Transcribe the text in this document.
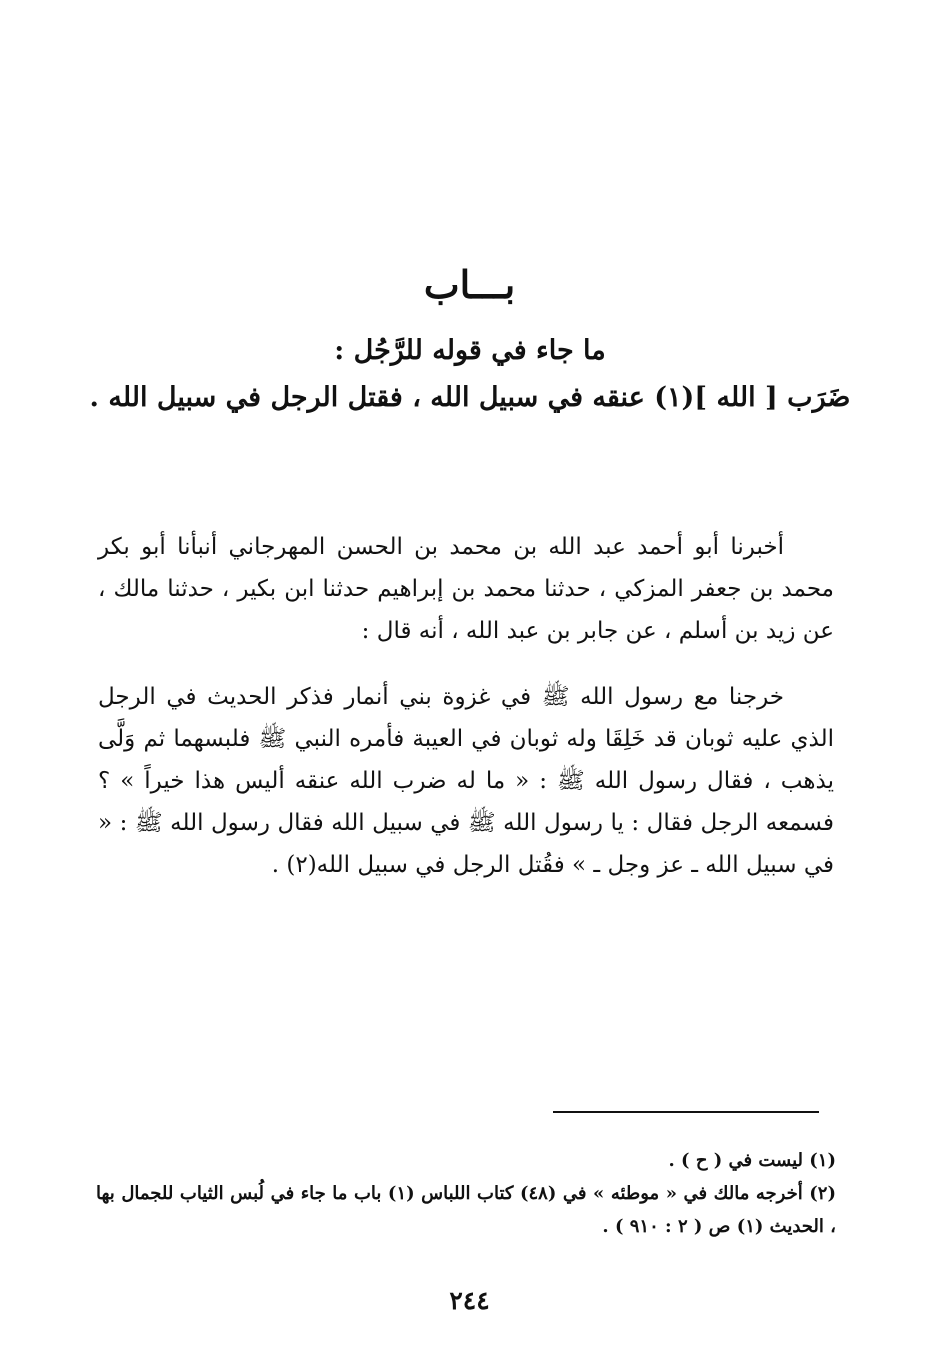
بـــاب
ما جاء في قوله للرَّجُل :
ضَرَب [ الله ](١) عنقه في سبيل الله ، فقتل الرجل في سبيل الله .
أخبرنا أبو أحمد عبد الله بن محمد بن الحسن المهرجاني أنبأنا أبو بكر محمد بن جعفر المزكي ، حدثنا محمد بن إبراهيم حدثنا ابن بكير ، حدثنا مالك ، عن زيد بن أسلم ، عن جابر بن عبد الله ، أنه قال :
خرجنا مع رسول الله ﷺ في غزوة بني أنمار فذكر الحديث في الرجل الذي عليه ثوبان قد خَلِقَا وله ثوبان في العيبة فأمره النبي ﷺ فلبسهما ثم وَلَّى يذهب ، فقال رسول الله ﷺ : « ما له ضرب الله عنقه أليس هذا خيراً » ؟ فسمعه الرجل فقال : يا رسول الله ﷺ في سبيل الله فقال رسول الله ﷺ : « في سبيل الله ـ عز وجل ـ » فقُتل الرجل في سبيل الله(٢) .
(١) ليست في ( ح ) .
(٢) أخرجه مالك في « موطئه » في (٤٨) كتاب اللباس (١) باب ما جاء في لُبس الثياب للجمال بها ، الحديث (١) ص ( ٢ : ٩١٠ ) .
٢٤٤
